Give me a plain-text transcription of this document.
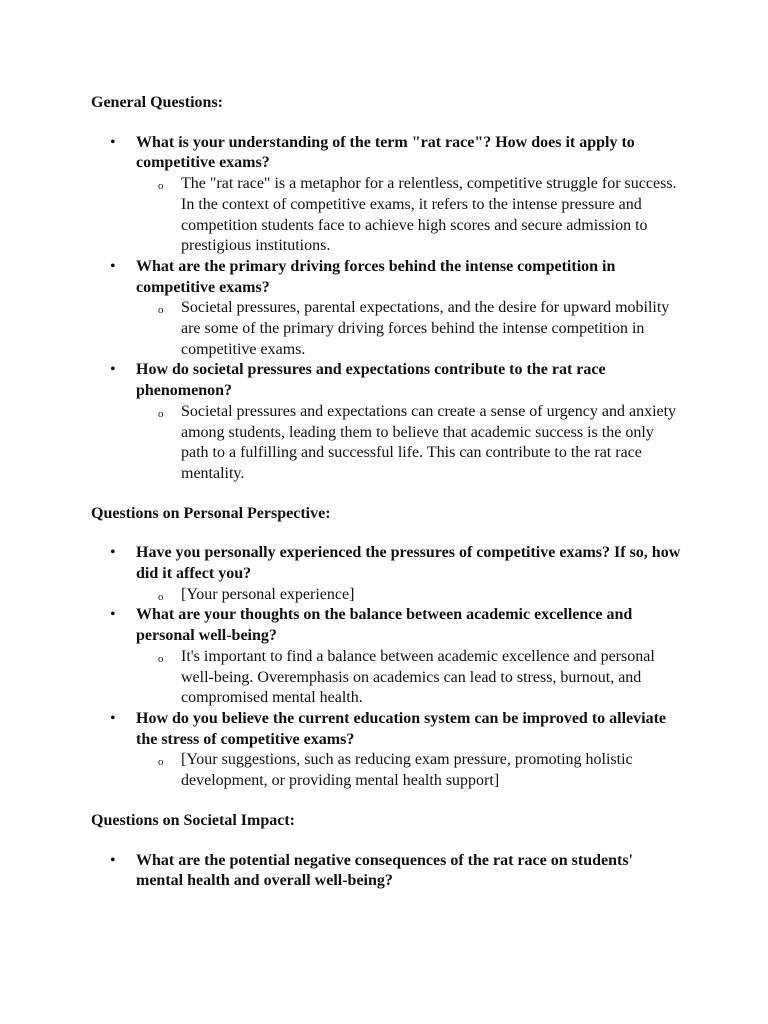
General Questions:

• What is your understanding of the term "rat race"? How does it apply to competitive exams?

o The "rat race" is a metaphor for a relentless, competitive struggle for success. In the context of competitive exams, it refers to the intense pressure and competition students face to achieve high scores and secure admission to prestigious institutions.

• What are the primary driving forces behind the intense competition in competitive exams?

o Societal pressures, parental expectations, and the desire for upward mobility are some of the primary driving forces behind the intense competition in competitive exams.

• How do societal pressures and expectations contribute to the rat race phenomenon?

o Societal pressures and expectations can create a sense of urgency and anxiety among students, leading them to believe that academic success is the only path to a fulfilling and successful life. This can contribute to the rat race mentality.

Questions on Personal Perspective:

• Have you personally experienced the pressures of competitive exams? If so, how did it affect you?

o [Your personal experience]

• What are your thoughts on the balance between academic excellence and personal well-being?

o It's important to find a balance between academic excellence and personal well-being. Overemphasis on academics can lead to stress, burnout, and compromised mental health.

• How do you believe the current education system can be improved to alleviate the stress of competitive exams?

o [Your suggestions, such as reducing exam pressure, promoting holistic development, or providing mental health support]

Questions on Societal Impact:

• What are the potential negative consequences of the rat race on students' mental health and overall well-being?
